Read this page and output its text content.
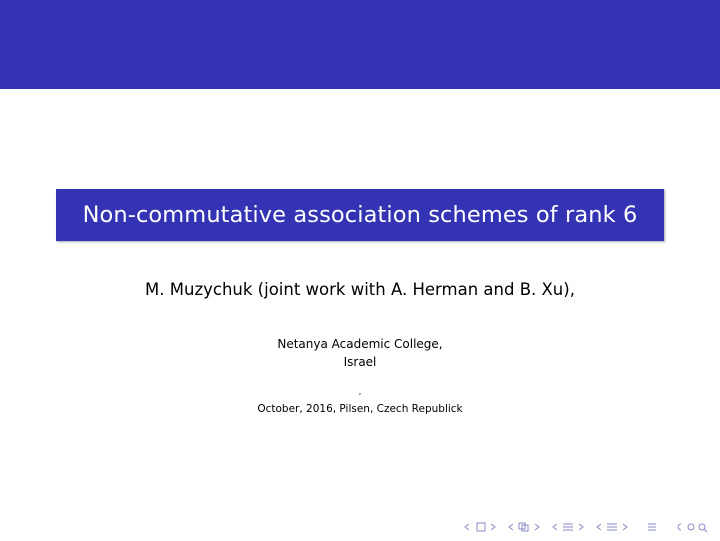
Non-commutative association schemes of rank 6
M. Muzychuk (joint work with A. Herman and B. Xu),
Netanya Academic College,
Israel
,
October, 2016, Pilsen, Czech Republick
